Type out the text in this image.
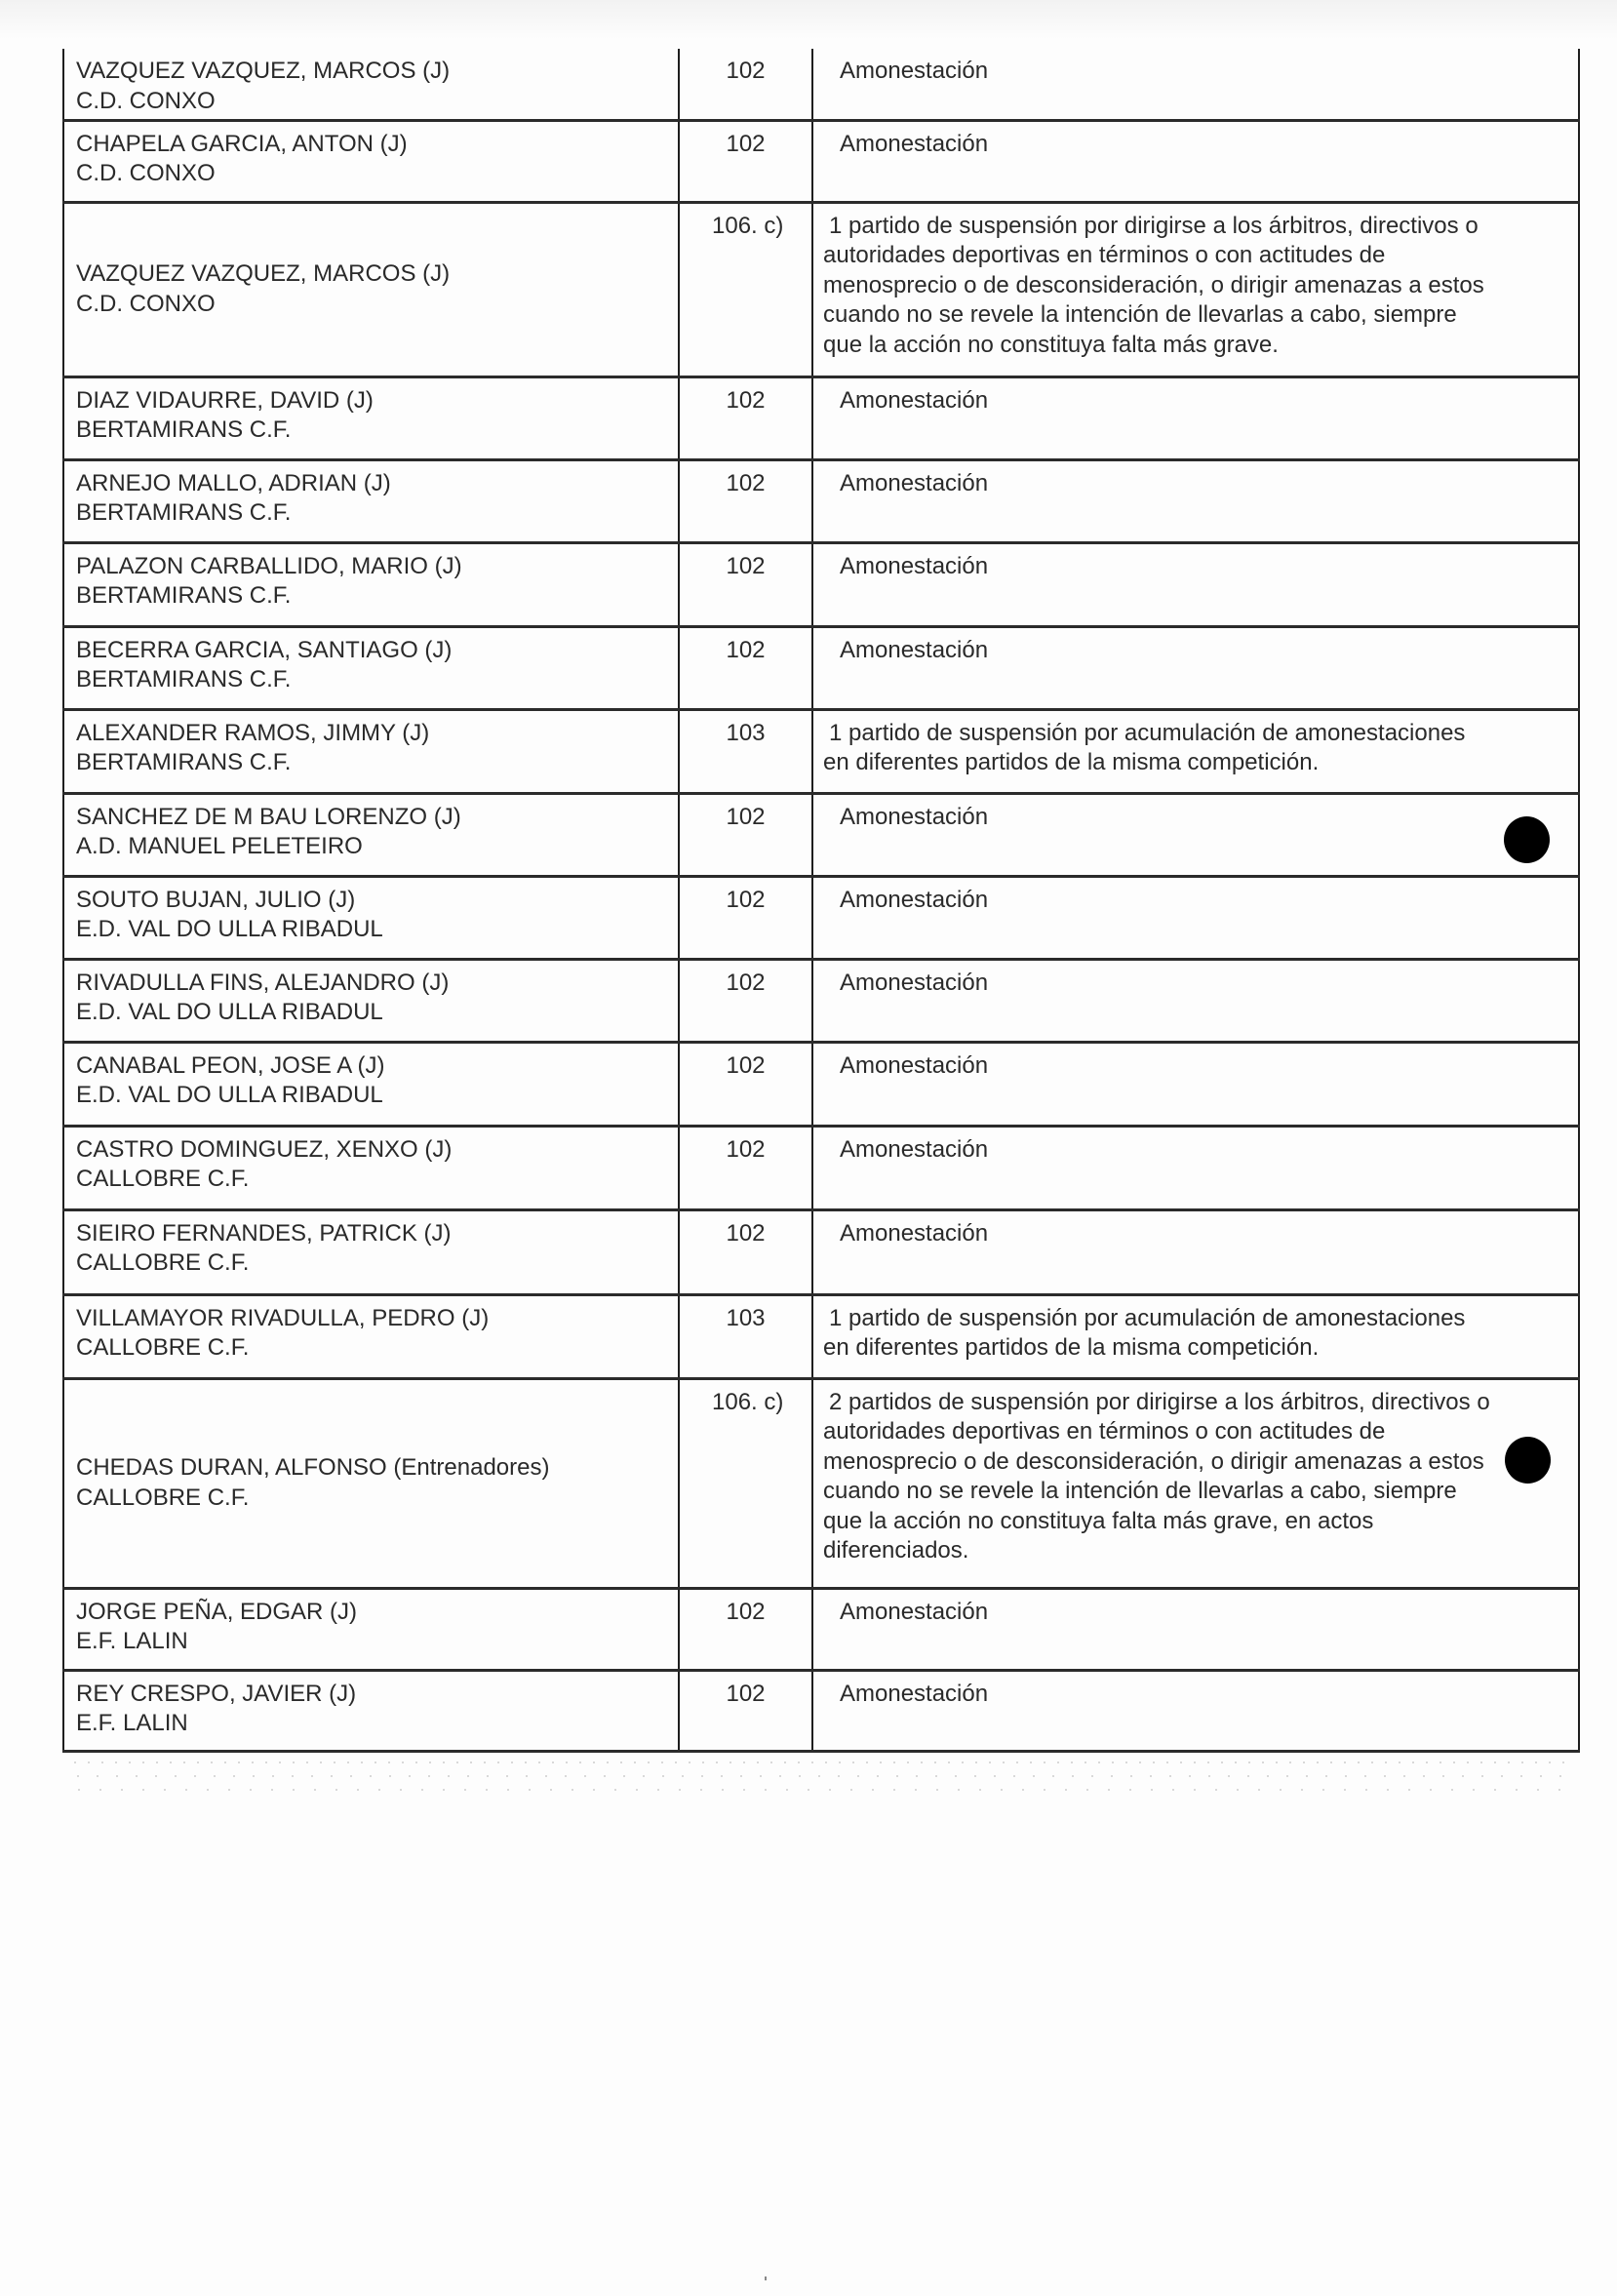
VAZQUEZ VAZQUEZ, MARCOS (J)
C.D. CONXO	102	Amonestación

CHAPELA GARCIA, ANTON (J)
C.D. CONXO	102	Amonestación

VAZQUEZ VAZQUEZ, MARCOS (J)
C.D. CONXO	106. c)	1 partido de suspensión por dirigirse a los árbitros, directivos o
autoridades deportivas en términos o con actitudes de
menosprecio o de desconsideración, o dirigir amenazas a estos
cuando no se revele la intención de llevarlas a cabo, siempre
que la acción no constituya falta más grave.

DIAZ VIDAURRE, DAVID (J)
BERTAMIRANS C.F.	102	Amonestación

ARNEJO MALLO, ADRIAN (J)
BERTAMIRANS C.F.	102	Amonestación

PALAZON CARBALLIDO, MARIO (J)
BERTAMIRANS C.F.	102	Amonestación

BECERRA GARCIA, SANTIAGO (J)
BERTAMIRANS C.F.	102	Amonestación

ALEXANDER RAMOS, JIMMY (J)
BERTAMIRANS C.F.	103	1 partido de suspensión por acumulación de amonestaciones
en diferentes partidos de la misma competición.

SANCHEZ DE M BAU LORENZO (J)
A.D. MANUEL PELETEIRO	102	Amonestación

SOUTO BUJAN, JULIO (J)
E.D. VAL DO ULLA RIBADUL	102	Amonestación

RIVADULLA FINS, ALEJANDRO (J)
E.D. VAL DO ULLA RIBADUL	102	Amonestación

CANABAL PEON, JOSE A (J)
E.D. VAL DO ULLA RIBADUL	102	Amonestación

CASTRO DOMINGUEZ, XENXO (J)
CALLOBRE C.F.	102	Amonestación

SIEIRO FERNANDES, PATRICK (J)
CALLOBRE C.F.	102	Amonestación

VILLAMAYOR RIVADULLA, PEDRO (J)
CALLOBRE C.F.	103	1 partido de suspensión por acumulación de amonestaciones
en diferentes partidos de la misma competición.

CHEDAS DURAN, ALFONSO (Entrenadores)
CALLOBRE C.F.
	106. c)	2 partidos de suspensión por dirigirse a los árbitros, directivos o
autoridades deportivas en términos o con actitudes de
menosprecio o de desconsideración, o dirigir amenazas a estos
cuando no se revele la intención de llevarlas a cabo, siempre
que la acción no constituya falta más grave, en actos
diferenciados.

JORGE PEÑA, EDGAR (J)
E.F. LALIN	102	Amonestación

REY CRESPO, JAVIER (J)
E.F. LALIN	102	Amonestación
